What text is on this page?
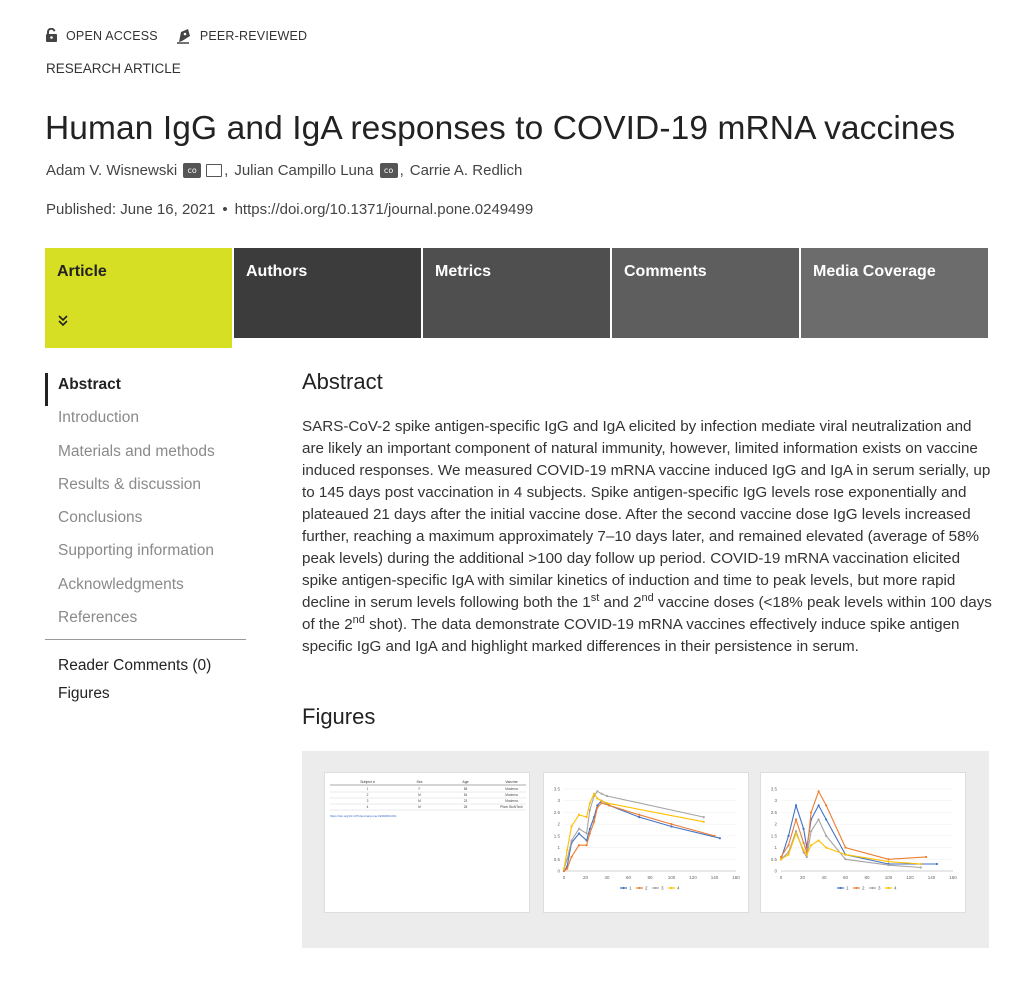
OPEN ACCESS	PEER-REVIEWED
RESEARCH ARTICLE
Human IgG and IgA responses to COVID-19 mRNA vaccines
Adam V. Wisnewski	co , Julian Campillo Luna	co , Carrie A. Redlich
Published: June 16, 2021 • https://doi.org/10.1371/journal.pone.0249499
Article	Authors	Metrics	Comments	Media Coverage
Abstract
Introduction
Materials and methods
Results & discussion
Conclusions
Supporting information
Acknowledgments
References
Reader Comments (0)
Figures
Abstract

SARS-CoV-2 spike antigen-specific IgG and IgA elicited by infection mediate viral neutralization and are likely an important component of natural immunity, however, limited information exists on vaccine induced responses. We measured COVID-19 mRNA vaccine induced IgG and IgA in serum serially, up to 145 days post vaccination in 4 subjects. Spike antigen-specific IgG levels rose exponentially and plateaued 21 days after the initial vaccine dose. After the second vaccine dose IgG levels increased further, reaching a maximum approximately 7–10 days later, and remained elevated (average of 58% peak levels) during the additional >100 day follow up period. COVID-19 mRNA vaccination elicited spike antigen-specific IgA with similar kinetics of induction and time to peak levels, but more rapid decline in serum levels following both the 1st and 2nd vaccine doses (<18% peak levels within 100 days of the 2nd shot). The data demonstrate COVID-19 mRNA vaccines effectively induce spike antigen specific IgG and IgA and highlight marked differences in their persistence in serum.

Figures
Subject #	Sex	Age	Vaccine
1	F	58	Moderna
2	M	54	Moderna
3	M	23	Moderna
4	M	28	Pfizer BioNTech
https://doi.org/10.1371/journal.pone.0249499.t001
0
0.5
1
1.5
2
2.5
3
3.5
0	20	40	60	80	100	120	140	160
1	2	3	4
0
0.5
1
1.5
2
2.5
3
3.5
0	20	40	60	80	100	120	140	160
1	2	3	4
